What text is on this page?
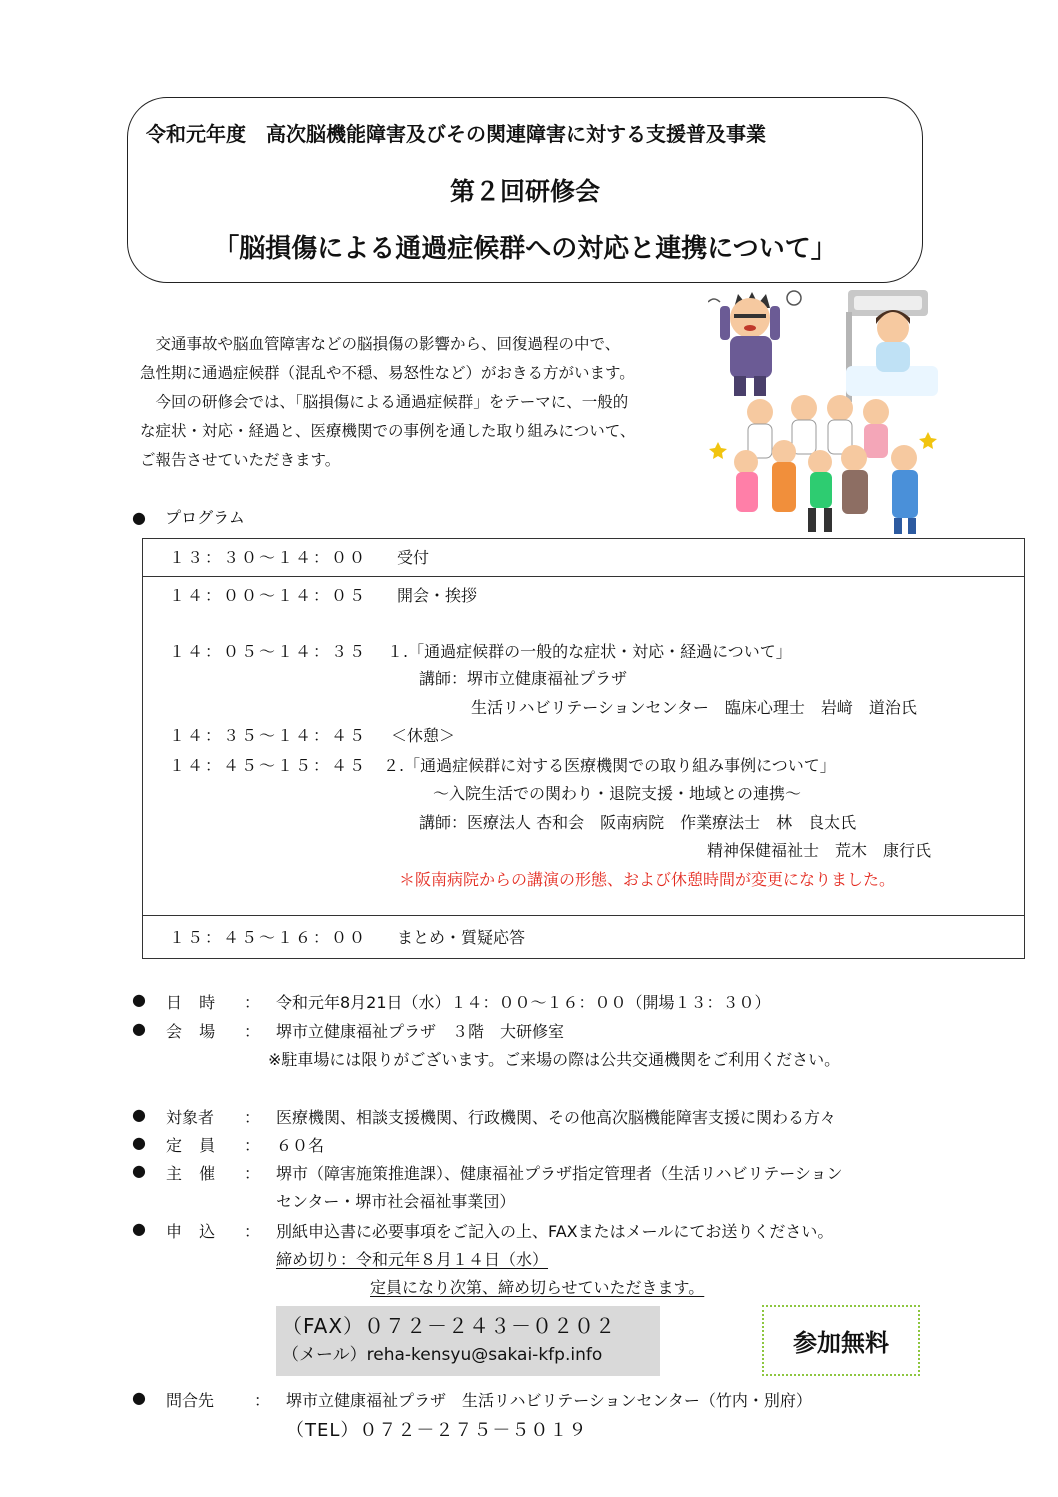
令和元年度　高次脳機能障害及びその関連障害に対する支援普及事業
第２回研修会
「脳損傷による通過症候群への対応と連携について」

　交通事故や脳血管障害などの脳損傷の影響から、回復過程の中で、

急性期に通過症候群（混乱や不穏、易怒性など）がおきる方がいます。

　今回の研修会では、「脳損傷による通過症候群」をテーマに、一般的

な症状・対応・経過と、医療機関での事例を通した取り組みについて、

ご報告させていただきます。

● プログラム
１３：３０～１４：００ 受付
１４：００～１４：０５ 開会・挨拶
１４：０５～１４：３５ １.「通過症候群の一般的な症状・対応・経過について」
講師：堺市立健康福祉プラザ
生活リハビリテーションセンター　臨床心理士　岩﨑　道治氏
１４：３５～１４：４５ ＜休憩＞
１４：４５～１５：４５ ２.「通過症候群に対する医療機関での取り組み事例について」
～入院生活での関わり・退院支援・地域との連携～
講師：医療法人 杏和会　阪南病院　作業療法士　林　良太氏
精神保健福祉士　荒木　康行氏
＊阪南病院からの講演の形態、および休憩時間が変更になりました。
１５：４５～１６：００ まとめ・質疑応答
● 日 時 ： 令和元年8月21日（水）１４：００～１６：００（開場１３：３０）
● 会 場 ： 堺市立健康福祉プラザ　３階　大研修室
※駐車場には限りがございます。ご来場の際は公共交通機関をご利用ください。
● 対象者 ： 医療機関、相談支援機関、行政機関、その他高次脳機能障害支援に関わる方々
● 定 員 ： ６０名
● 主 催 ： 堺市（障害施策推進課）、健康福祉プラザ指定管理者（生活リハビリテーション
センター・堺市社会福祉事業団）
● 申 込 ： 別紙申込書に必要事項をご記入の上、FAXまたはメールにてお送りください。
締め切り：令和元年８月１４日（水）
定員になり次第、締め切らせていただきます。
（FAX）０７２－２４３－０２０２
（メール）reha-kensyu@sakai-kfp.info	参加無料
● 問合先 ： 堺市立健康福祉プラザ　生活リハビリテーションセンター（竹内・別府）
（TEL）０７２－２７５－５０１９
